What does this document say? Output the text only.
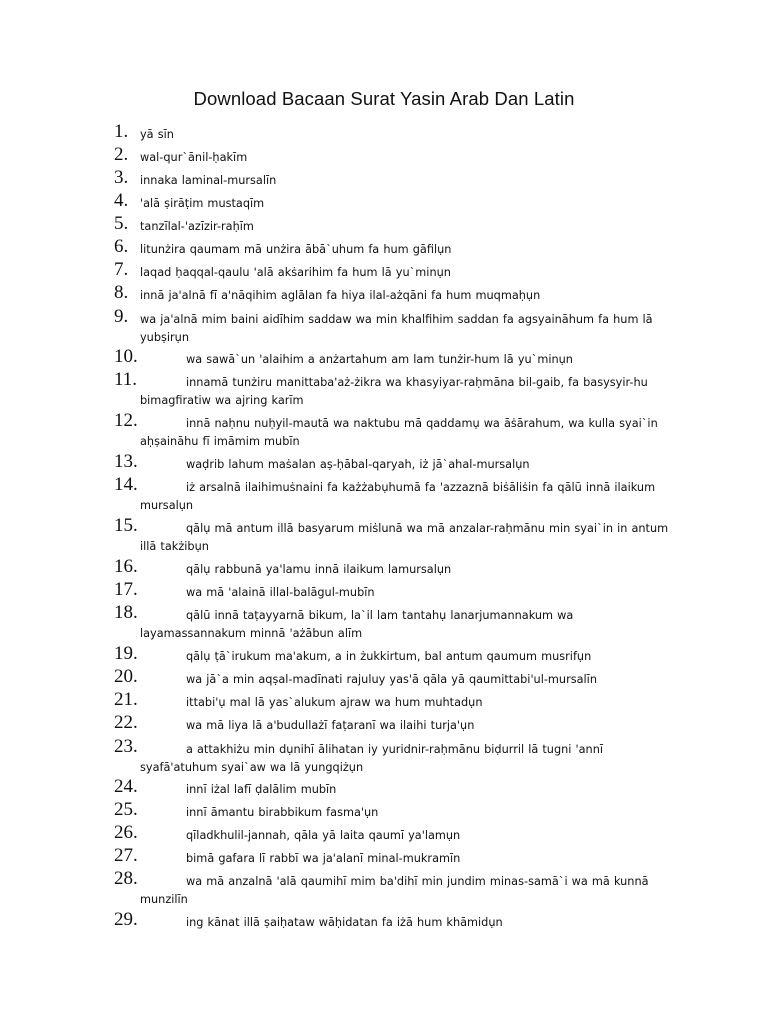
Download Bacaan Surat Yasin Arab Dan Latin
1. yā sīn
2. wal-qur`ānil-ḥakīm
3. innaka laminal-mursalīn
4. 'alā ṣirāṭim mustaqīm
5. tanzīlal-'azīzir-raḥīm
6. litunżira qaumam mā unżira ābā`uhum fa hum gāfilụn
7. laqad ḥaqqal-qaulu 'alā akṡarihim fa hum lā yu`minụn
8. innā ja'alnā fī a'nāqihim aglālan fa hiya ilal-ażqāni fa hum muqmaḥụn
9. wa ja'alnā mim baini aidīhim saddaw wa min khalfihim saddan fa agsyaināhum fa hum lā yubṣirụn
10.	wa sawā`un 'alaihim a anżartahum am lam tunżir-hum lā yu`minụn
11.	innamā tunżiru manittaba'aż-żikra wa khasyiyar-raḥmāna bil-gaib, fa basysyir-hu bimagfiratiw wa ajring karīm
12.	innā naḥnu nuḥyil-mautā wa naktubu mā qaddamụ wa āṡārahum, wa kulla syai`in aḥṣaināhu fī imāmim mubīn
13.	waḍrib lahum maṡalan aṣ-ḥābal-qaryah, iż jā`ahal-mursalụn
14.	iż arsalnā ilaihimuṡnaini fa każżabụhumā fa 'azzaznā biṡāliṡin fa qālū innā ilaikum mursalụn
15.	qālụ mā antum illā basyarum miṡlunā wa mā anzalar-raḥmānu min syai`in in antum illā takżibụn
16.	qālụ rabbunā ya'lamu innā ilaikum lamursalụn
17.	wa mā 'alainā illal-balāgul-mubīn
18.	qālū innā taṭayyarnā bikum, la`il lam tantahụ lanarjumannakum wa layamassannakum minnā 'ażābun alīm
19.	qālụ ṭā`irukum ma'akum, a in żukkirtum, bal antum qaumum musrifụn
20.	wa jā`a min aqṣal-madīnati rajuluy yas'ā qāla yā qaumittabi'ul-mursalīn
21.	ittabi'ụ mal lā yas`alukum ajraw wa hum muhtadụn
22.	wa mā liya lā a'budullażī faṭaranī wa ilaihi turja'ụn
23.	a attakhiżu min dụnihī ālihatan iy yuridnir-raḥmānu biḍurril lā tugni 'annī syafā'atuhum syai`aw wa lā yungqiżụn
24.	innī iżal lafī ḍalālim mubīn
25.	innī āmantu birabbikum fasma'ụn
26.	qīladkhulil-jannah, qāla yā laita qaumī ya'lamụn
27.	bimā gafara lī rabbī wa ja'alanī minal-mukramīn
28.	wa mā anzalnā 'alā qaumihī mim ba'dihī min jundim minas-samā`i wa mā kunnā munzilīn
29.	ing kānat illā ṣaiḥataw wāḥidatan fa iżā hum khāmidụn
